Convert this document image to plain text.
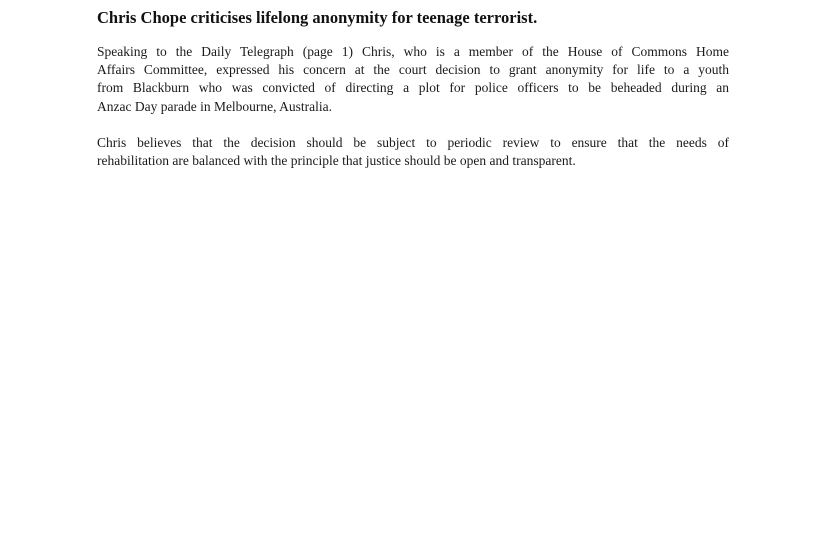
Chris Chope criticises lifelong anonymity for teenage terrorist.
Speaking to the Daily Telegraph (page 1) Chris, who is a member of the House of Commons Home
Affairs Committee, expressed his concern at the court decision to grant anonymity for life to a youth
from Blackburn who was convicted of directing a plot for police officers to be beheaded during an
Anzac Day parade in Melbourne, Australia.
Chris believes that the decision should be subject to periodic review to ensure that the needs of
rehabilitation are balanced with the principle that justice should be open and transparent.
